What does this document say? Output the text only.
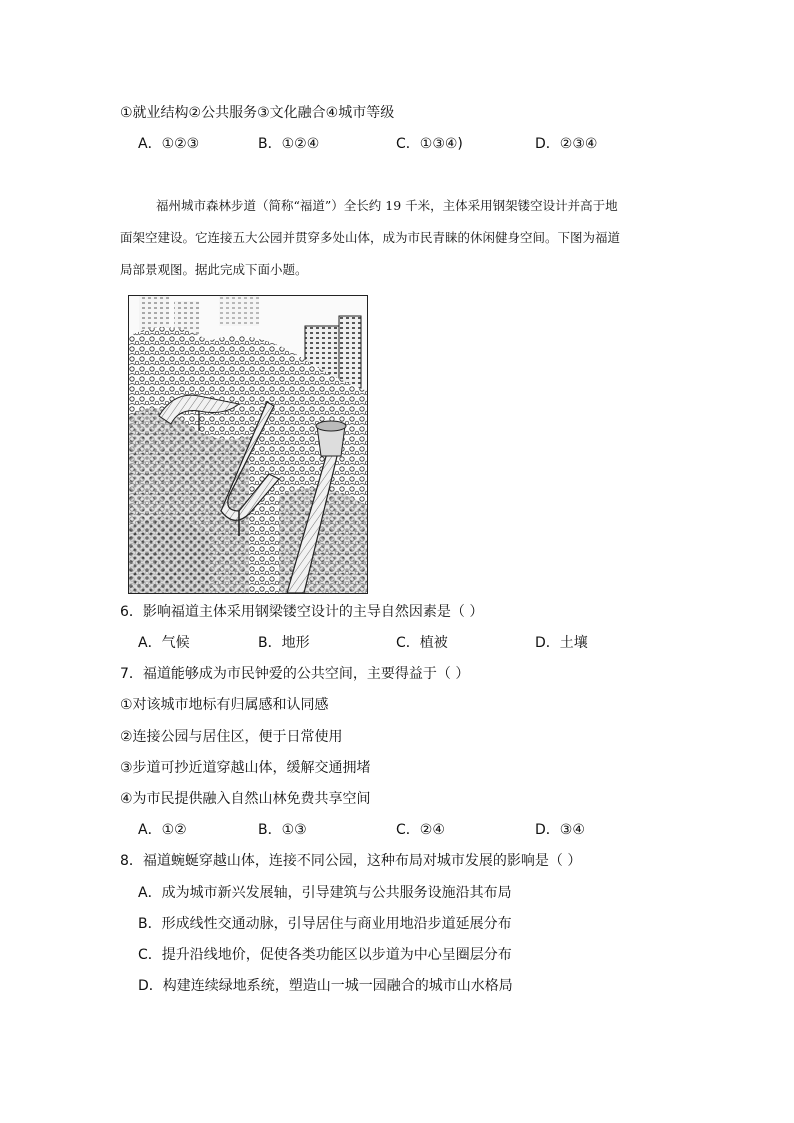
①就业结构②公共服务③文化融合④城市等级
A．①②③	B．①②④	C．①③④)	D．②③④
福州城市森林步道（简称“福道”）全长约 19 千米，主体采用钢架镂空设计并高于地
面架空建设。它连接五大公园并贯穿多处山体，成为市民青睐的休闲健身空间。下图为福道
局部景观图。据此完成下面小题。
6．影响福道主体采用钢梁镂空设计的主导自然因素是（ ）
A．气候	B．地形	C．植被	D．土壤
7．福道能够成为市民钟爱的公共空间，主要得益于（ ）
①对该城市地标有归属感和认同感
②连接公园与居住区，便于日常使用
③步道可抄近道穿越山体，缓解交通拥堵
④为市民提供融入自然山林免费共享空间
A．①②	B．①③	C．②④	D．③④
8．福道蜿蜒穿越山体，连接不同公园，这种布局对城市发展的影响是（ ）
A．成为城市新兴发展轴，引导建筑与公共服务设施沿其布局
B．形成线性交通动脉，引导居住与商业用地沿步道延展分布
C．提升沿线地价，促使各类功能区以步道为中心呈圈层分布
D．构建连续绿地系统，塑造山一城一园融合的城市山水格局
